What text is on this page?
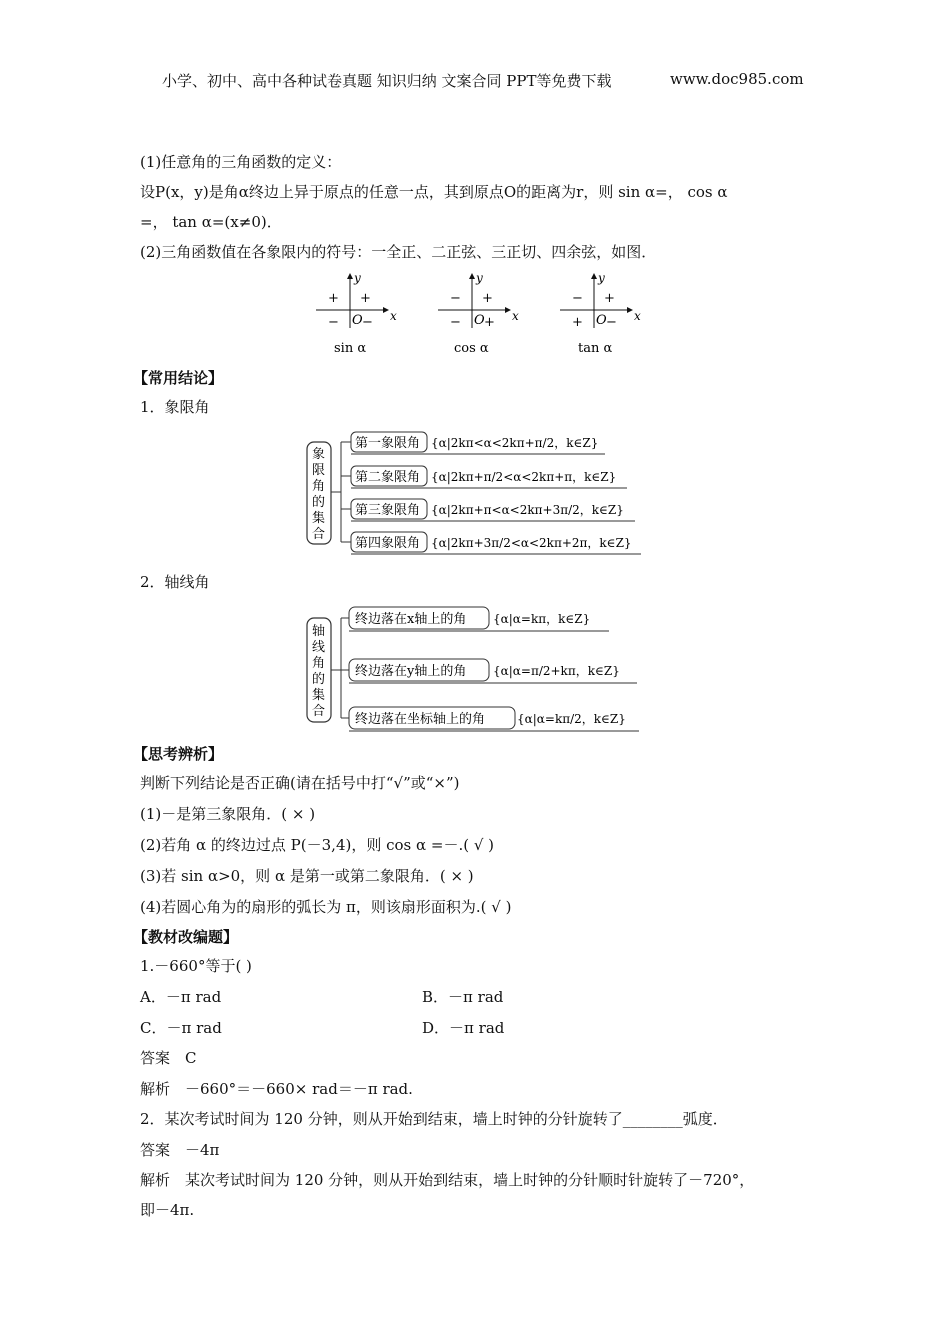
小学、初中、高中各种试卷真题 知识归纳 文案合同 PPT等免费下载	www.doc985.com
(1)任意角的三角函数的定义：
设P(x，y)是角α终边上异于原点的任意一点，其到原点O的距离为r，则 sin α=， cos α
=， tan α=(x≠0)．
(2)三角函数值在各象限内的符号：一全正、二正弦、三正切、四余弦，如图．
y
x
O
+ +
− −
sin α
y
x
O
− +
− +
cos α
y
x
O
− +
+ −
tan α
【常用结论】
1．象限角
象
限
角
的
集
合
第一象限角 {α|2kπ<α<2kπ+π/2，k∈Z}
第二象限角 {α|2kπ+π/2<α<2kπ+π，k∈Z}
第三象限角 {α|2kπ+π<α<2kπ+3π/2，k∈Z}
第四象限角 {α|2kπ+3π/2<α<2kπ+2π，k∈Z}
2．轴线角
轴
线
角
的
集
合
终边落在x轴上的角 {α|α=kπ，k∈Z}
终边落在y轴上的角 {α|α=π/2+kπ，k∈Z}
终边落在坐标轴上的角	{α|α=kπ/2，k∈Z}
【思考辨析】
判断下列结论是否正确(请在括号中打“√”或“×”)
(1)－是第三象限角．( × )
(2)若角 α 的终边过点 P(－3,4)，则 cos α =－.( √ )
(3)若 sin α>0，则 α 是第一或第二象限角．( × )
(4)若圆心角为的扇形的弧长为 π，则该扇形面积为.( √ )
【教材改编题】
1.－660°等于( )
A．－π rad	B．－π rad
C．－π rad	D．－π rad
答案　C
解析　－660°＝－660× rad＝－π rad.
2．某次考试时间为 120 分钟，则从开始到结束，墙上时钟的分针旋转了________弧度．
答案　－4π
解析　某次考试时间为 120 分钟，则从开始到结束，墙上时钟的分针顺时针旋转了－720°，
即－4π.
